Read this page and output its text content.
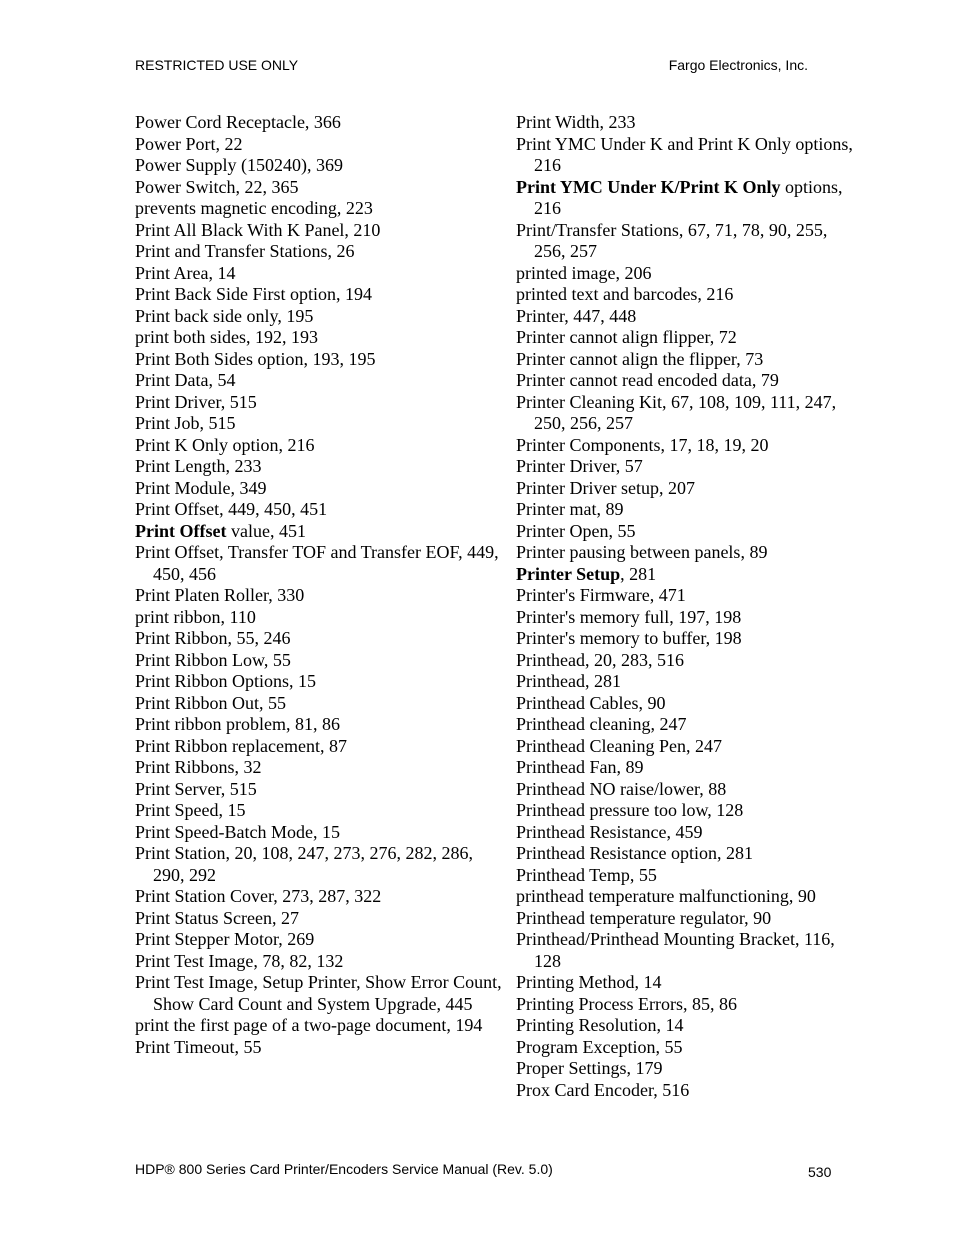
RESTRICTED USE ONLY	Fargo Electronics, Inc.
Power Cord Receptacle, 366
Power Port, 22
Power Supply (150240), 369
Power Switch, 22, 365
prevents magnetic encoding, 223
Print All Black With K Panel, 210
Print and Transfer Stations, 26
Print Area, 14
Print Back Side First option, 194
Print back side only, 195
print both sides, 192, 193
Print Both Sides option, 193, 195
Print Data, 54
Print Driver, 515
Print Job, 515
Print K Only option, 216
Print Length, 233
Print Module, 349
Print Offset, 449, 450, 451
Print Offset value, 451
Print Offset, Transfer TOF and Transfer EOF, 449, 450, 456
Print Platen Roller, 330
print ribbon, 110
Print Ribbon, 55, 246
Print Ribbon Low, 55
Print Ribbon Options, 15
Print Ribbon Out, 55
Print ribbon problem, 81, 86
Print Ribbon replacement, 87
Print Ribbons, 32
Print Server, 515
Print Speed, 15
Print Speed-Batch Mode, 15
Print Station, 20, 108, 247, 273, 276, 282, 286, 290, 292
Print Station Cover, 273, 287, 322
Print Status Screen, 27
Print Stepper Motor, 269
Print Test Image, 78, 82, 132
Print Test Image, Setup Printer, Show Error Count, Show Card Count and System Upgrade, 445
print the first page of a two-page document, 194
Print Timeout, 55
Print Width, 233
Print YMC Under K and Print K Only options, 216
Print YMC Under K/Print K Only options, 216
Print/Transfer Stations, 67, 71, 78, 90, 255, 256, 257
printed image, 206
printed text and barcodes, 216
Printer, 447, 448
Printer cannot align flipper, 72
Printer cannot align the flipper, 73
Printer cannot read encoded data, 79
Printer Cleaning Kit, 67, 108, 109, 111, 247, 250, 256, 257
Printer Components, 17, 18, 19, 20
Printer Driver, 57
Printer Driver setup, 207
Printer mat, 89
Printer Open, 55
Printer pausing between panels, 89
Printer Setup, 281
Printer's Firmware, 471
Printer's memory full, 197, 198
Printer's memory to buffer, 198
Printhead, 20, 283, 516
Printhead, 281
Printhead Cables, 90
Printhead cleaning, 247
Printhead Cleaning Pen, 247
Printhead Fan, 89
Printhead NO raise/lower, 88
Printhead pressure too low, 128
Printhead Resistance, 459
Printhead Resistance option, 281
Printhead Temp, 55
printhead temperature malfunctioning, 90
Printhead temperature regulator, 90
Printhead/Printhead Mounting Bracket, 116, 128
Printing Method, 14
Printing Process Errors, 85, 86
Printing Resolution, 14
Program Exception, 55
Proper Settings, 179
Prox Card Encoder, 516
HDP® 800 Series Card Printer/Encoders Service Manual (Rev. 5.0)	530
